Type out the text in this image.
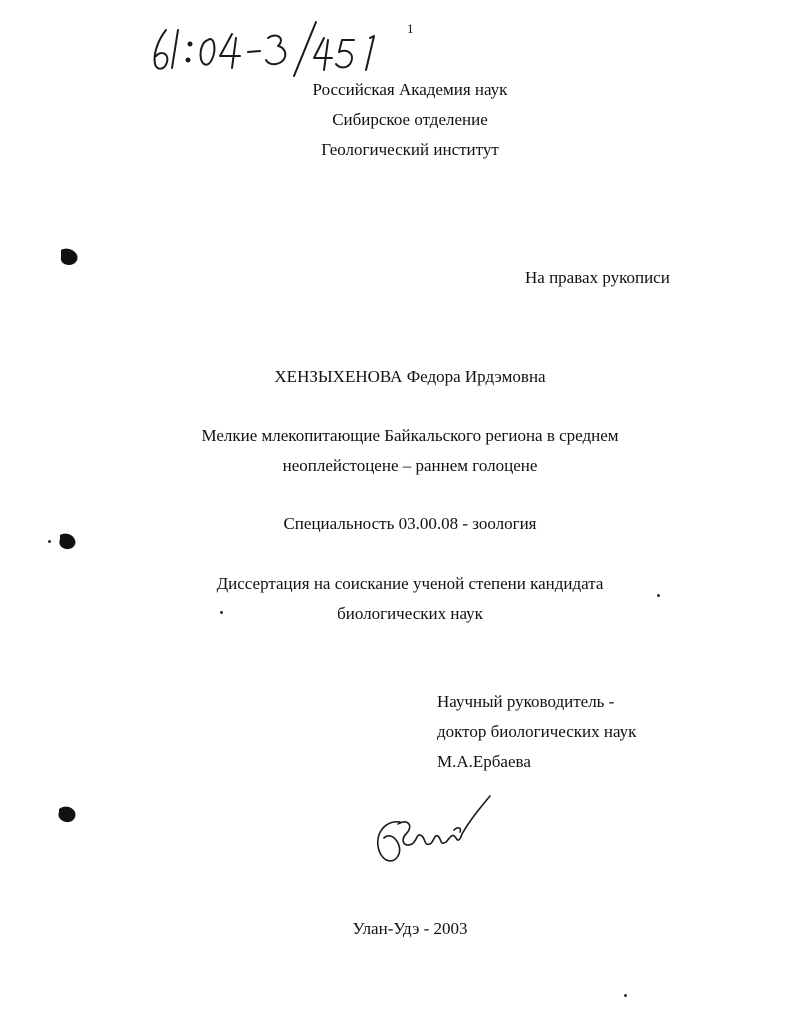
1
Российская Академия наук
Сибирское отделение
Геологический институт
На правах рукописи
ХЕНЗЫХЕНОВА Федора Ирдэмовна
Мелкие млекопитающие Байкальского региона в среднем
неоплейстоцене – раннем голоцене
Специальность 03.00.08 - зоология
Диссертация на соискание ученой степени кандидата
биологических наук
Научный руководитель -
доктор биологических наук
М.А.Ербаева
Улан-Удэ - 2003
